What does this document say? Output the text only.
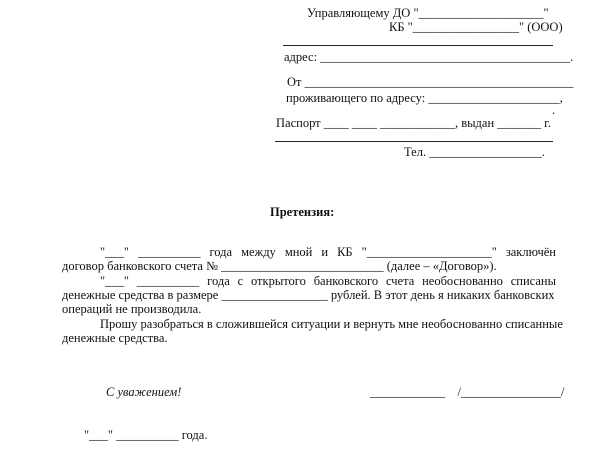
Управляющему ДО "____________________"
КБ "_________________" (ООО)
адрес: ________________________________________.
От ___________________________________________
проживающего по адресу: _____________________,
.
Паспорт ____ ____ ____________, выдан _______ г.
Тел. __________________.
Претензия:
"___" __________ года между мной и КБ "____________________" заключён
договор банковского счета № __________________________ (далее – «Договор»).
"___" __________ года с открытого банковского счета необоснованно списаны
денежные средства в размере _________________ рублей. В этот день я никаких банковских
операций не производила.
Прошу разобраться в сложившейся ситуации и вернуть мне необоснованно списанные
денежные средства.
С уважением!	____________    /________________/
"___" __________ года.
